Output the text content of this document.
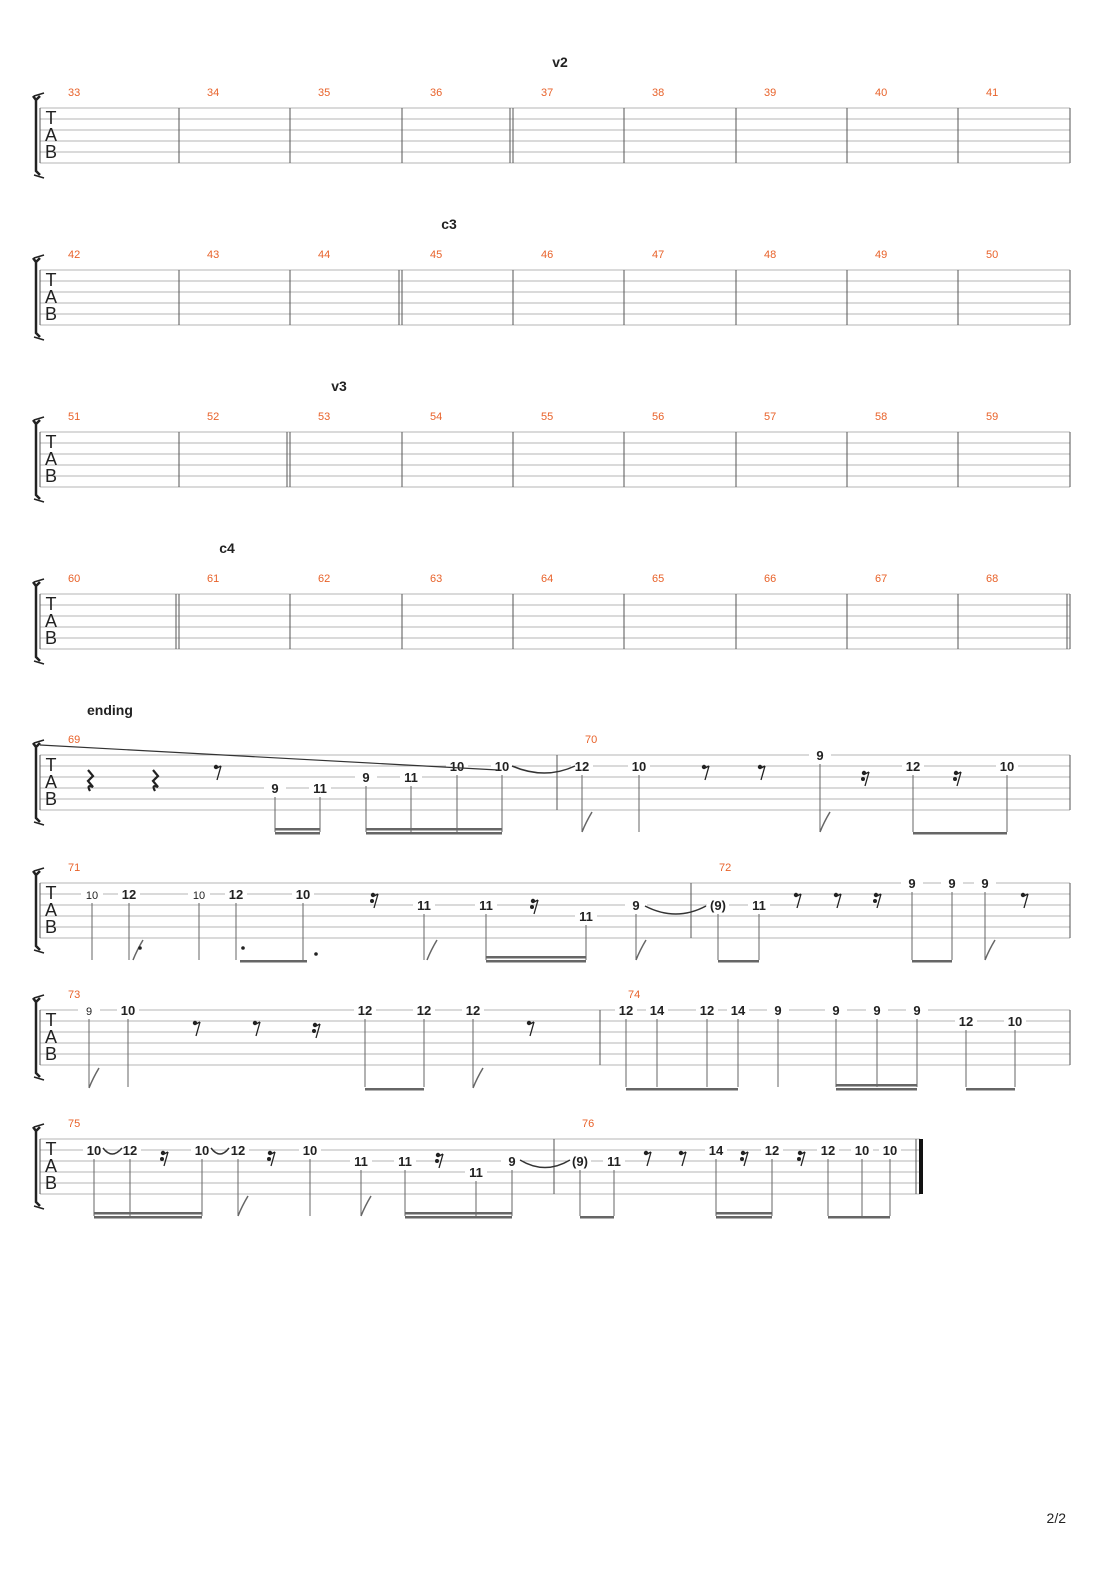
T
A
B
33	34	35	36	37	38	39	40	41
v2
T
A
B
42	43	44	45	46	47	48	49	50
c3
T
A
B
51	52	53	54	55	56	57	58	59
v3
T
A
B
60	61	62	63	64	65	66	67	68
c4
T
A
B
69	70
ending
T
A
B
71	72
T
A
B
73	74
T
A
B
75	76
9	11
9	11
10 10	12	10
9
12	10
10 12	10 12	10
11	11
11
9	(9) 11
9	9 9
9 10	12	12	12	12 14	12 14 9	9	9	9
12	10
10 12	10 12	10
11 11
11
9	(9) 11
14	12	12 10 10
2/2
